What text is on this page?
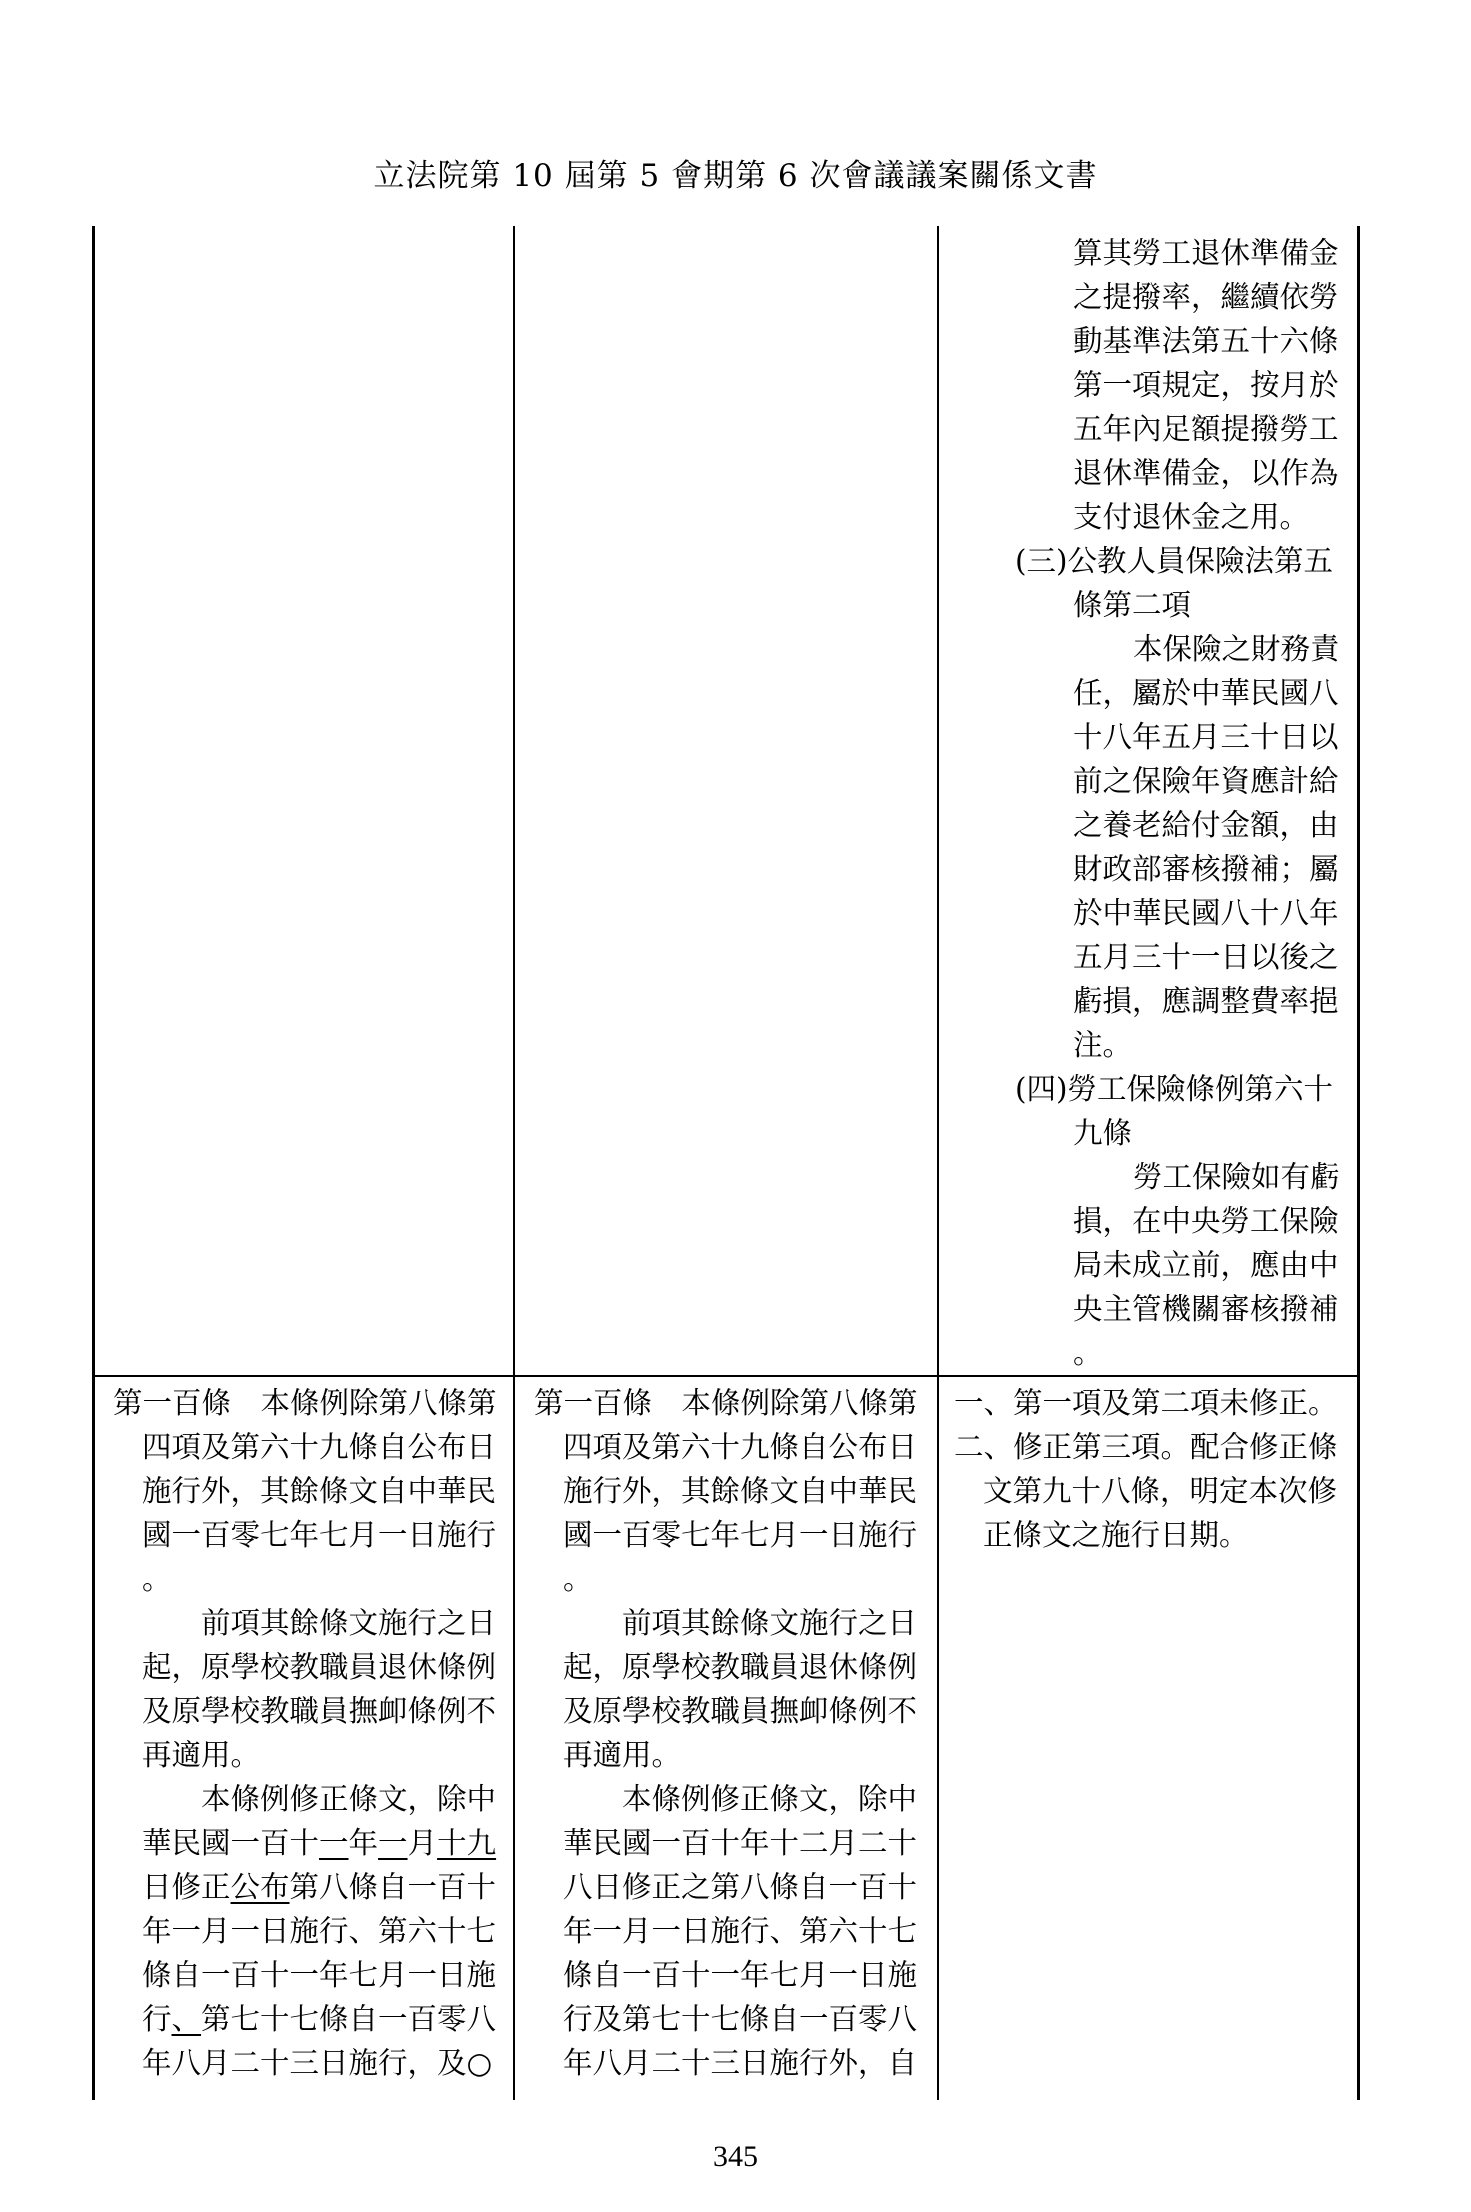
立法院第 10 屆第 5 會期第 6 次會議議案關係文書
算其勞工退休準備金
之提撥率，繼續依勞
動基準法第五十六條
第一項規定，按月於
五年內足額提撥勞工
退休準備金，以作為
支付退休金之用。
(三)公教人員保險法第五
條第二項
本保險之財務責
任，屬於中華民國八
十八年五月三十日以
前之保險年資應計給
之養老給付金額，由
財政部審核撥補；屬
於中華民國八十八年
五月三十一日以後之
虧損，應調整費率挹
注。
(四)勞工保險條例第六十
九條
勞工保險如有虧
損，在中央勞工保險
局未成立前，應由中
央主管機關審核撥補
。
第一百條　本條例除第八條第
四項及第六十九條自公布日
施行外，其餘條文自中華民
國一百零七年七月一日施行
。
前項其餘條文施行之日
起，原學校教職員退休條例
及原學校教職員撫卹條例不
再適用。
本條例修正條文，除中
華民國一百十一年一月十九
日修正公布第八條自一百十
年一月一日施行、第六十七
條自一百十一年七月一日施
行、第七十七條自一百零八
年八月二十三日施行，及○
第一百條　本條例除第八條第
四項及第六十九條自公布日
施行外，其餘條文自中華民
國一百零七年七月一日施行
。
前項其餘條文施行之日
起，原學校教職員退休條例
及原學校教職員撫卹條例不
再適用。
本條例修正條文，除中
華民國一百十年十二月二十
八日修正之第八條自一百十
年一月一日施行、第六十七
條自一百十一年七月一日施
行及第七十七條自一百零八
年八月二十三日施行外，自
一、第一項及第二項未修正。
二、修正第三項。配合修正條
文第九十八條，明定本次修
正條文之施行日期。
345
